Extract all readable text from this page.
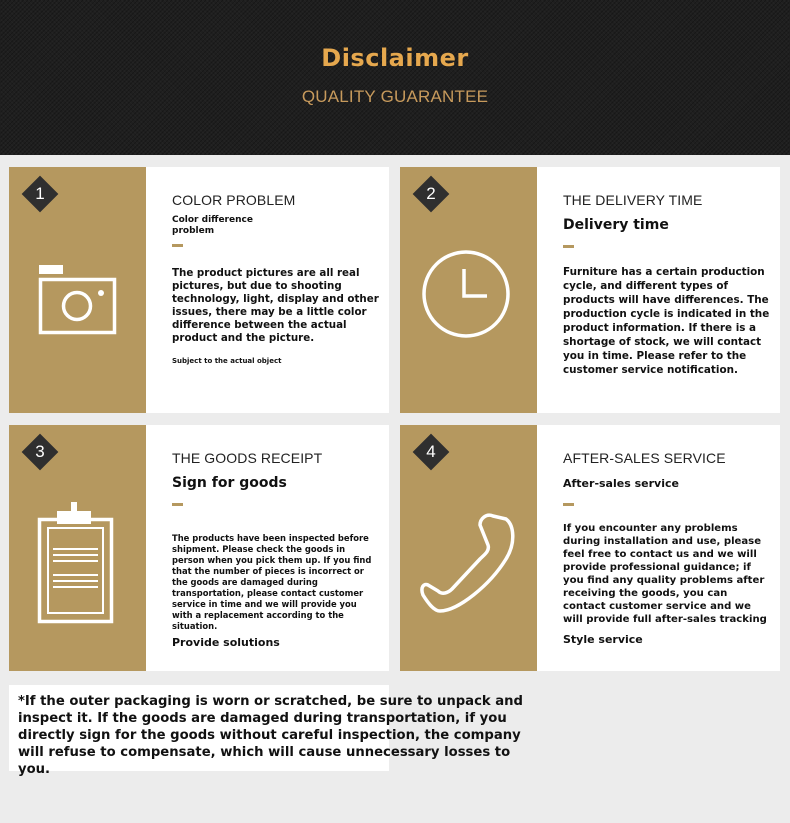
Disclaimer
QUALITY GUARANTEE
1	COLOR PROBLEM
Color difference problem
The product pictures are all real pictures, but due to shooting technology, light, display and other issues, there may be a little color difference between the actual product and the picture.
Subject to the actual object
2	THE DELIVERY TIME
Delivery time
Furniture has a certain production cycle, and different types of products will have differences. The production cycle is indicated in the product information. If there is a shortage of stock, we will contact you in time. Please refer to the customer service notification.
3	THE GOODS RECEIPT
Sign for goods
The products have been inspected before shipment. Please check the goods in person when you pick them up. If you find that the number of pieces is incorrect or the goods are damaged during transportation, please contact customer service in time and we will provide you with a replacement according to the situation.
Provide solutions
4	AFTER-SALES SERVICE
After-sales service
If you encounter any problems during installation and use, please feel free to contact us and we will provide professional guidance; if you find any quality problems after receiving the goods, you can contact customer service and we will provide full after-sales tracking
Style service

*If the outer packaging is worn or scratched, be sure to unpack and inspect it. If the goods are damaged during transportation, if you directly sign for the goods without careful inspection, the company will refuse to compensate, which will cause unnecessary losses to you.
